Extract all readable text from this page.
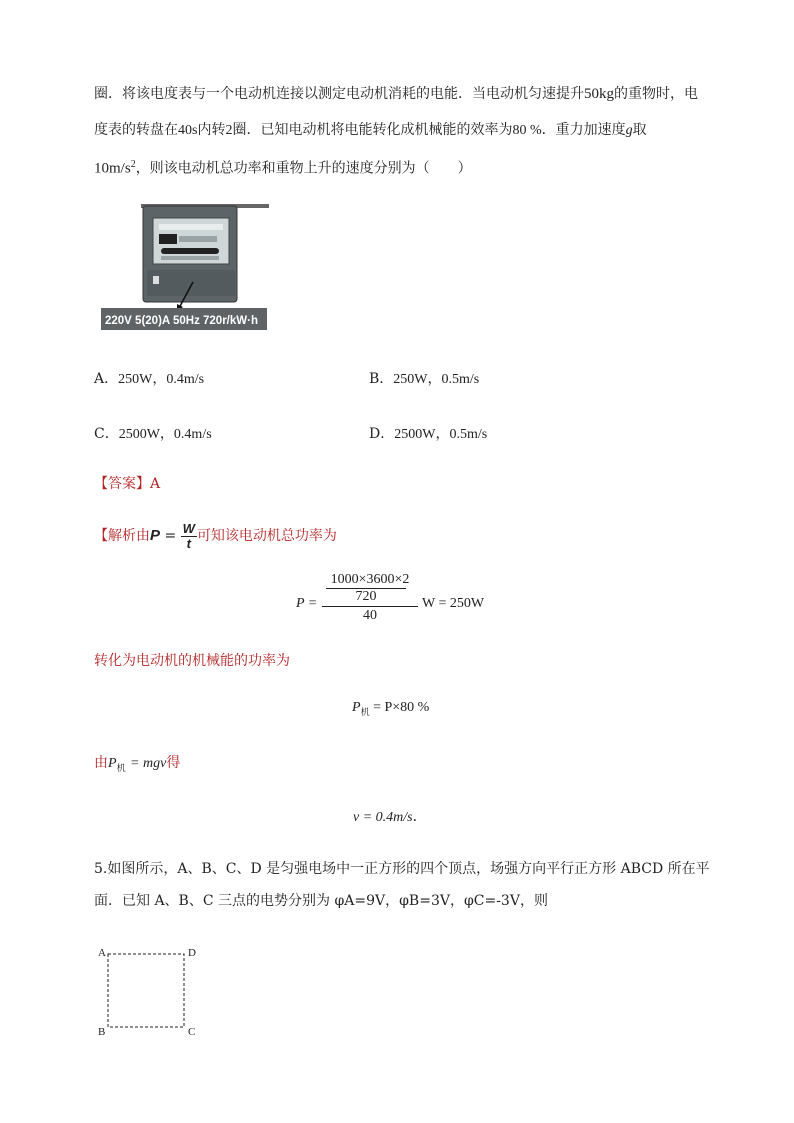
圈．将该电度表与一个电动机连接以测定电动机消耗的电能．当电动机匀速提升50kg的重物时，电
度表的转盘在40s内转2圈．已知电动机将电能转化成机械能的效率为80 %．重力加速度g取
$10m/s^2$，则该电动机总功率和重物上升的速度分别为（　　）
220V 5(20)A 50Hz 720r/kW·h
A．250W，0.4m/s	B．250W，0.5m/s
C．2500W，0.4m/s	D．2500W，0.5m/s
【答案】A
【解析由$P = \frac{W}{t}$ 可知该电动机总功率为
P =
1000×3600×2
720
40
W = 250W
转化为电动机的机械能的功率为
$P_机 = P\times 80$ %
由$P_机$ = mgv得
v = 0.4m/s．
5.如图所示，A、B、C、D 是匀强电场中一正方形的四个顶点，场强方向平行正方形 ABCD 所在平
面．已知 A、B、C 三点的电势分别为 φA=9V，φB=3V，φC=-3V，则
A	D
B	C
